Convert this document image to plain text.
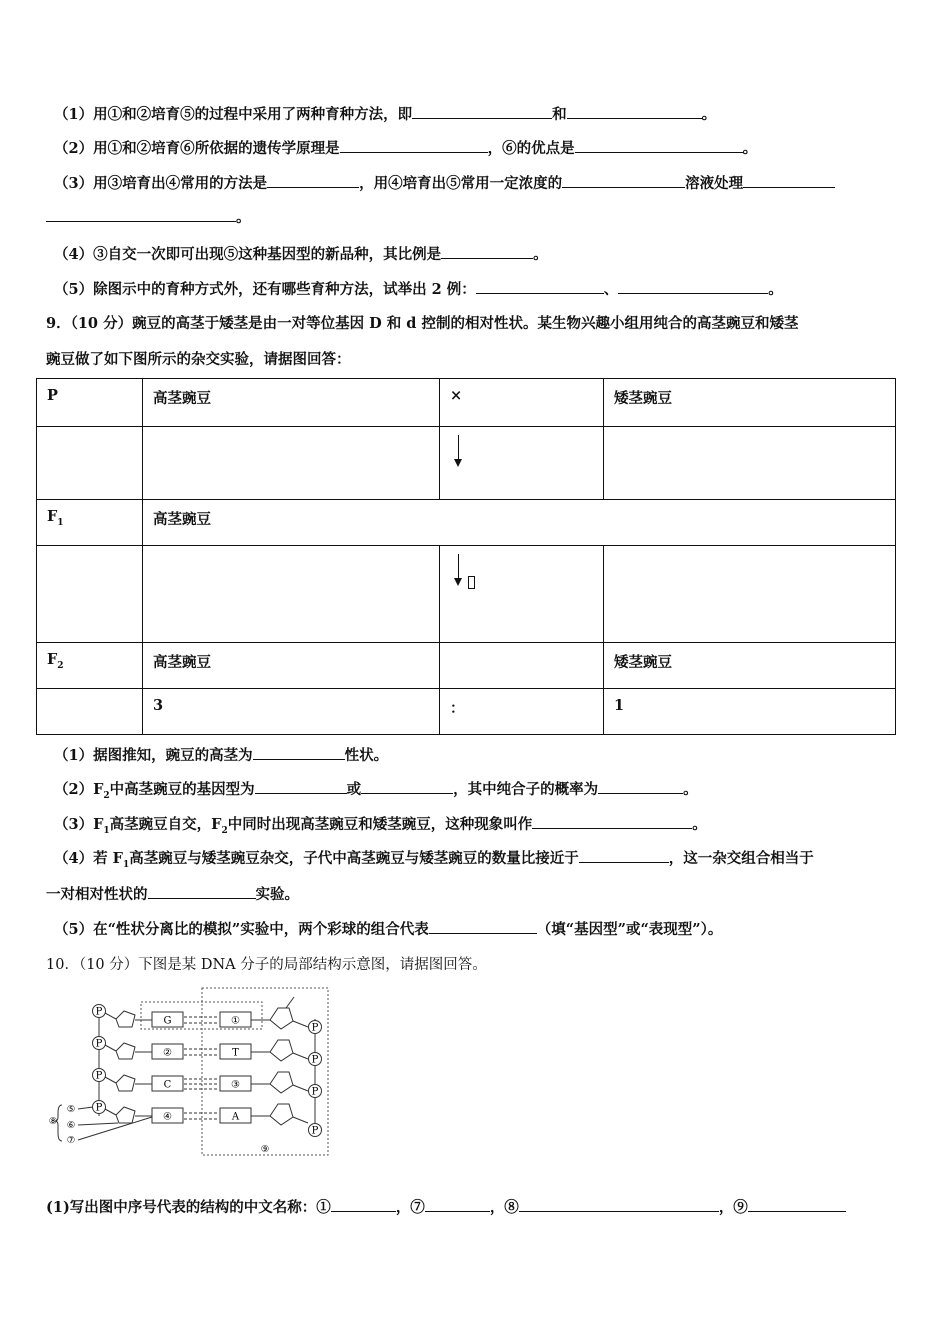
（1）用①和②培育⑤的过程中采用了两种育种方法，即	和	。
（2）用①和②培育⑥所依据的遗传学原理是	，⑥的优点是	。
（3）用③培育出④常用的方法是	，用④培育出⑤常用一定浓度的	溶液处理
。
（4）③自交一次即可出现⑤这种基因型的新品种，其比例是	。
（5）除图示中的育种方式外，还有哪些育种方法，试举出 2 例：	、	。
9．（10 分）豌豆的高茎于矮茎是由一对等位基因 D 和 d 控制的相对性状。某生物兴趣小组用纯合的高茎豌豆和矮茎
豌豆做了如下图所示的杂交实验，请据图回答：
P	高茎豌豆	×	矮茎豌豆

$F_1$	高茎豌豆		

$F_2$	高茎豌豆		矮茎豌豆
	3	：	1
（1）据图推知，豌豆的高茎为	性状。
$(2)F_2$中高茎豌豆的基因型为	或	，其中纯合子的概率为	。
$(3)F_1$高茎豌豆自交，$F_2$中同时出现高茎豌豆和矮茎豌豆，这种现象叫作	。
（4）若 $F_1$高茎豌豆与矮茎豌豆杂交，子代中高茎豌豆与矮茎豌豆的数量比接近于	，这一杂交组合相当于
一对相对性状的	实验。
（5）在“性状分离比的模拟”实验中，两个彩球的组合代表	（填“基因型”或“表现型”）。
10．（10 分）下图是某 DNA 分子的局部结构示意图，请据图回答。
P
G
P
②
P
C
P
④
①
P
T
P
③
P
A
P
⑤
⑥
⑦
⑧
⑨
(1)写出图中序号代表的结构的中文名称：①	，⑦	，⑧	，⑨
